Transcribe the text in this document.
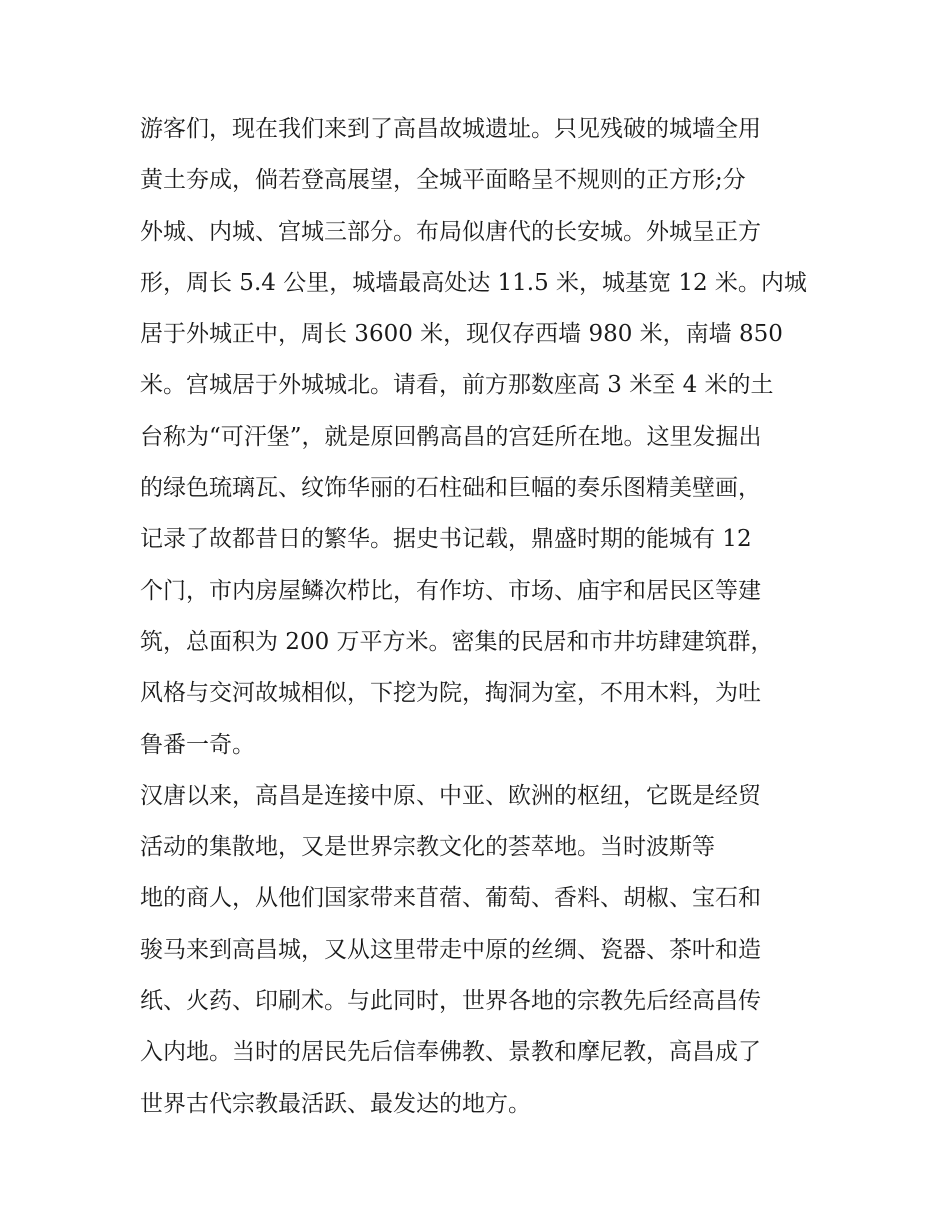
游客们，现在我们来到了高昌故城遗址。只见残破的城墙全用
黄土夯成，倘若登高展望，全城平面略呈不规则的正方形;分
外城、内城、宫城三部分。布局似唐代的长安城。外城呈正方
形，周长 5.4 公里，城墙最高处达 11.5 米，城基宽 12 米。内城
居于外城正中，周长 3600 米，现仅存西墙 980 米，南墙 850
米。宫城居于外城城北。请看，前方那数座高 3 米至 4 米的土
台称为“可汗堡”，就是原回鹘高昌的宫廷所在地。这里发掘出
的绿色琉璃瓦、纹饰华丽的石柱础和巨幅的奏乐图精美壁画，
记录了故都昔日的繁华。据史书记载，鼎盛时期的能城有 12
个门，市内房屋鳞次栉比，有作坊、市场、庙宇和居民区等建
筑，总面积为 200 万平方米。密集的民居和市井坊肆建筑群，
风格与交河故城相似，下挖为院，掏洞为室，不用木料，为吐
鲁番一奇。
汉唐以来，高昌是连接中原、中亚、欧洲的枢纽，它既是经贸
活动的集散地，又是世界宗教文化的荟萃地。当时波斯等
地的商人，从他们国家带来苜蓿、葡萄、香料、胡椒、宝石和
骏马来到高昌城，又从这里带走中原的丝绸、瓷器、茶叶和造
纸、火药、印刷术。与此同时，世界各地的宗教先后经高昌传
入内地。当时的居民先后信奉佛教、景教和摩尼教，高昌成了
世界古代宗教最活跃、最发达的地方。
